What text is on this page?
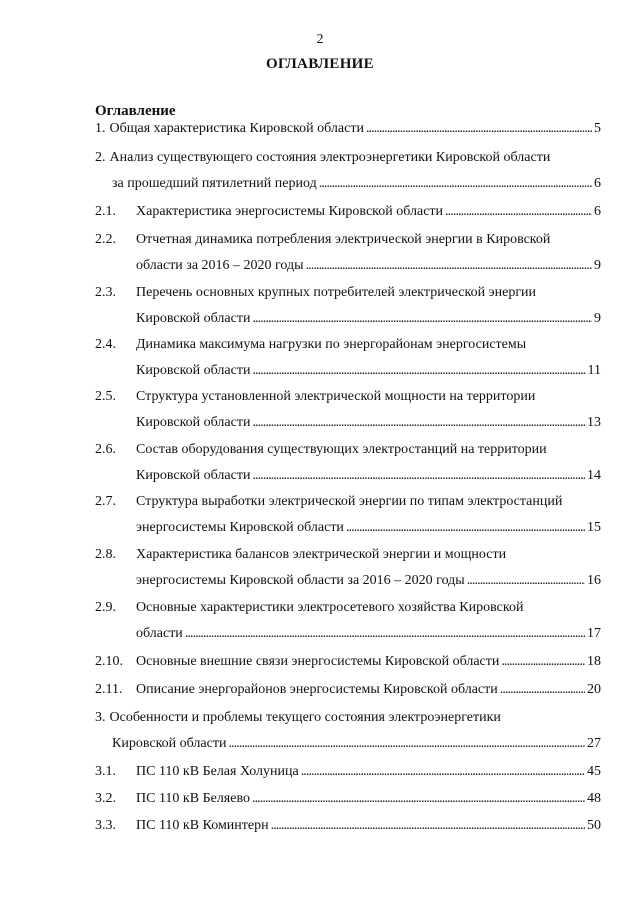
2
ОГЛАВЛЕНИЕ
Оглавление
1. Общая характеристика Кировской области . . .	5
2. Анализ существующего состояния электроэнергетики Кировской области
за прошедший пятилетний период . . .	6
2.1.	Характеристика энергосистемы Кировской области . . .	6
2.2.	Отчетная динамика потребления электрической энергии в Кировской
области за 2016 – 2020 годы . . .	9
2.3.	Перечень основных крупных потребителей электрической энергии
Кировской области . . .	9
2.4.	Динамика максимума нагрузки по энергорайонам энергосистемы
Кировской области . . .	11
2.5.	Структура установленной электрической мощности на территории
Кировской области . . .	13
2.6.	Состав оборудования существующих электростанций на территории
Кировской области . . .	14
2.7.	Структура выработки электрической энергии по типам электростанций
энергосистемы Кировской области . . .	15
2.8.	Характеристика балансов электрической энергии и мощности
энергосистемы Кировской области за 2016 – 2020 годы . . .	16
2.9.	Основные характеристики электросетевого хозяйства Кировской
области . . .	17
2.10. Основные внешние связи энергосистемы Кировской области . . .	18
2.11. Описание энергорайонов энергосистемы Кировской области . . .	20
3. Особенности и проблемы текущего состояния электроэнергетики
Кировской области . . .	27
3.1.	ПС 110 кВ Белая Холуница . . .	45
3.2.	ПС 110 кВ Беляево . . .	48
3.3.	ПС 110 кВ Коминтерн . . .	50
